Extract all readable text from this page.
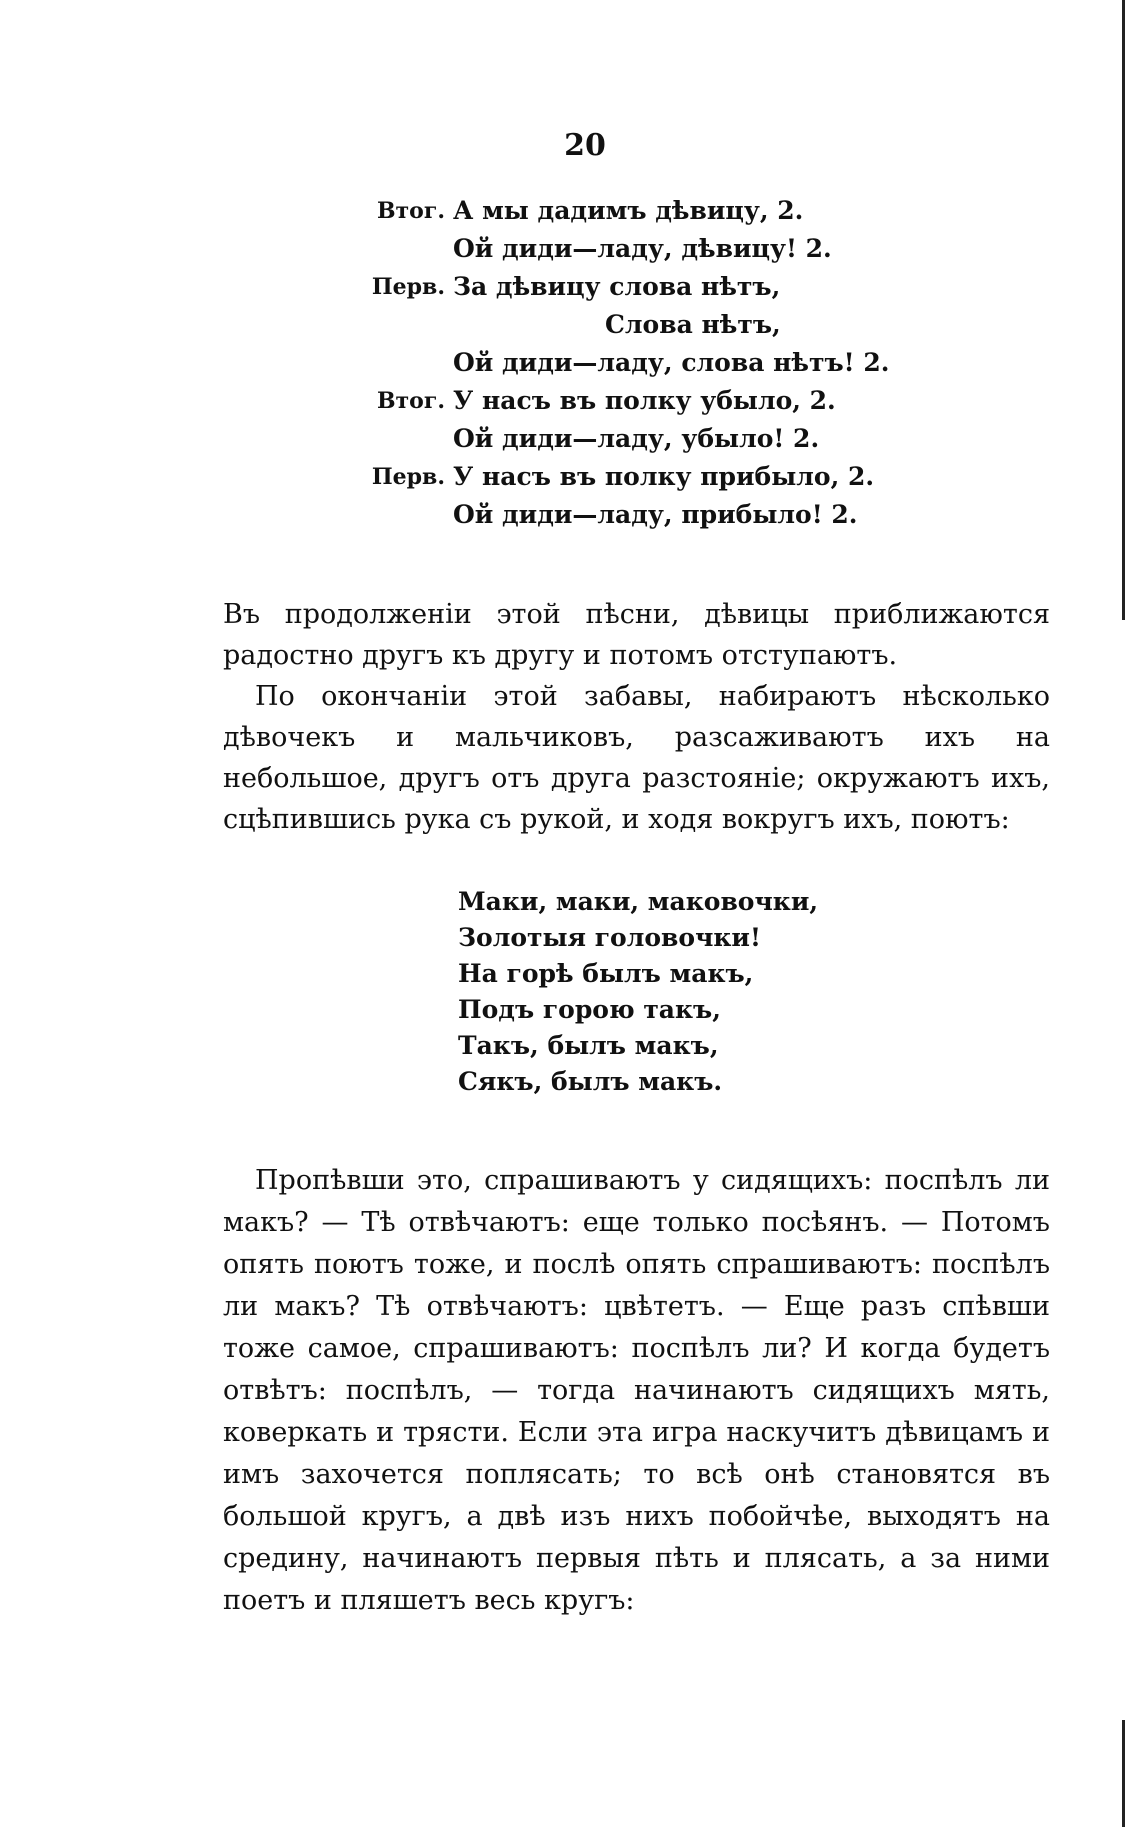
20
Втог. А мы дадимъ дѣвицу, 2.
Ой диди—ладу, дѣвицу! 2.
Перв. За дѣвицу слова нѣтъ,
Слова нѣтъ,
Ой диди—ладу, слова нѣтъ! 2.
Втог. У насъ въ полку убыло, 2.
Ой диди—ладу, убыло! 2.
Перв. У насъ въ полку прибыло, 2.
Ой диди—ладу, прибыло! 2.

Въ продолженіи этой пѣсни, дѣвицы приближаются радостно другъ къ другу и потомъ отступаютъ.

По окончаніи этой забавы, набираютъ нѣсколько дѣвочекъ и мальчиковъ, разсаживаютъ ихъ на небольшое, другъ отъ друга разстояніе; окружаютъ ихъ, сцѣпившись рука съ рукой, и ходя вокругъ ихъ, поютъ:

Маки, маки, маковочки,
Золотыя головочки!
На горѣ былъ макъ,
Подъ горою такъ,
Такъ, былъ макъ,
Сякъ, былъ макъ.

Пропѣвши это, спрашиваютъ у сидящихъ: поспѣлъ ли макъ? — Тѣ отвѣчаютъ: еще только посѣянъ. — Потомъ опять поютъ тоже, и послѣ опять спрашиваютъ: поспѣлъ ли макъ? Тѣ отвѣчаютъ: цвѣтетъ. — Еще разъ спѣвши тоже самое, спрашиваютъ: поспѣлъ ли? И когда будетъ отвѣтъ: поспѣлъ, — тогда начинаютъ сидящихъ мять, коверкать и трясти. Если эта игра наскучитъ дѣвицамъ и имъ захочется поплясать; то всѣ онѣ становятся въ большой кругъ, а двѣ изъ нихъ побойчѣе, выходятъ на средину, начинаютъ первыя пѣть и плясать, а за ними поетъ и пляшетъ весь кругъ:
